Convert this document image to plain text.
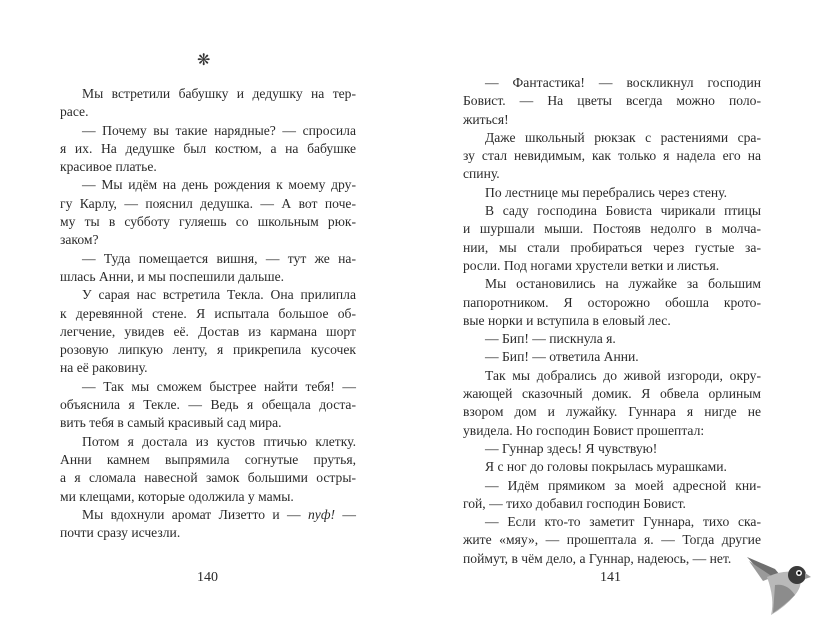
❋
Мы встретили бабушку и дедушку на тер-
расе.
— Почему вы такие нарядные? — спросила
я их. На дедушке был костюм, а на бабушке
красивое платье.
— Мы идём на день рождения к моему дру-
гу Карлу, — пояснил дедушка. — А вот поче-
му ты в субботу гуляешь со школьным рюк-
заком?
— Туда помещается вишня, — тут же на-
шлась Анни, и мы поспешили дальше.
У сарая нас встретила Текла. Она прилипла
к деревянной стене. Я испытала большое об-
легчение, увидев её. Достав из кармана шорт
розовую липкую ленту, я прикрепила кусочек
на её раковину.
— Так мы сможем быстрее найти тебя! —
объяснила я Текле. — Ведь я обещала доста-
вить тебя в самый красивый сад мира.
Потом я достала из кустов птичью клетку.
Анни камнем выпрямила согнутые прутья,
а я сломала навесной замок большими остры-
ми клещами, которые одолжила у мамы.
Мы вдохнули аромат Лизетто и — пуф! —
почти сразу исчезли.
140
— Фантастика! — воскликнул господин
Бовист. — На цветы всегда можно поло-
житься!
Даже школьный рюкзак с растениями сра-
зу стал невидимым, как только я надела его на
спину.
По лестнице мы перебрались через стену.
В саду господина Бовиста чирикали птицы
и шуршали мыши. Постояв недолго в молча-
нии, мы стали пробираться через густые за-
росли. Под ногами хрустели ветки и листья.
Мы остановились на лужайке за большим
папоротником. Я осторожно обошла крото-
вые норки и вступила в еловый лес.
— Бип! — пискнула я.
— Бип! — ответила Анни.
Так мы добрались до живой изгороди, окру-
жающей сказочный домик. Я обвела орлиным
взором дом и лужайку. Гуннара я нигде не
увидела. Но господин Бовист прошептал:
— Гуннар здесь! Я чувствую!
Я с ног до головы покрылась мурашками.
— Идём прямиком за моей адресной кни-
гой, — тихо добавил господин Бовист.
— Если кто-то заметит Гуннара, тихо ска-
жите «мяу», — прошептала я. — Тогда другие
поймут, в чём дело, а Гуннар, надеюсь, — нет.
141
